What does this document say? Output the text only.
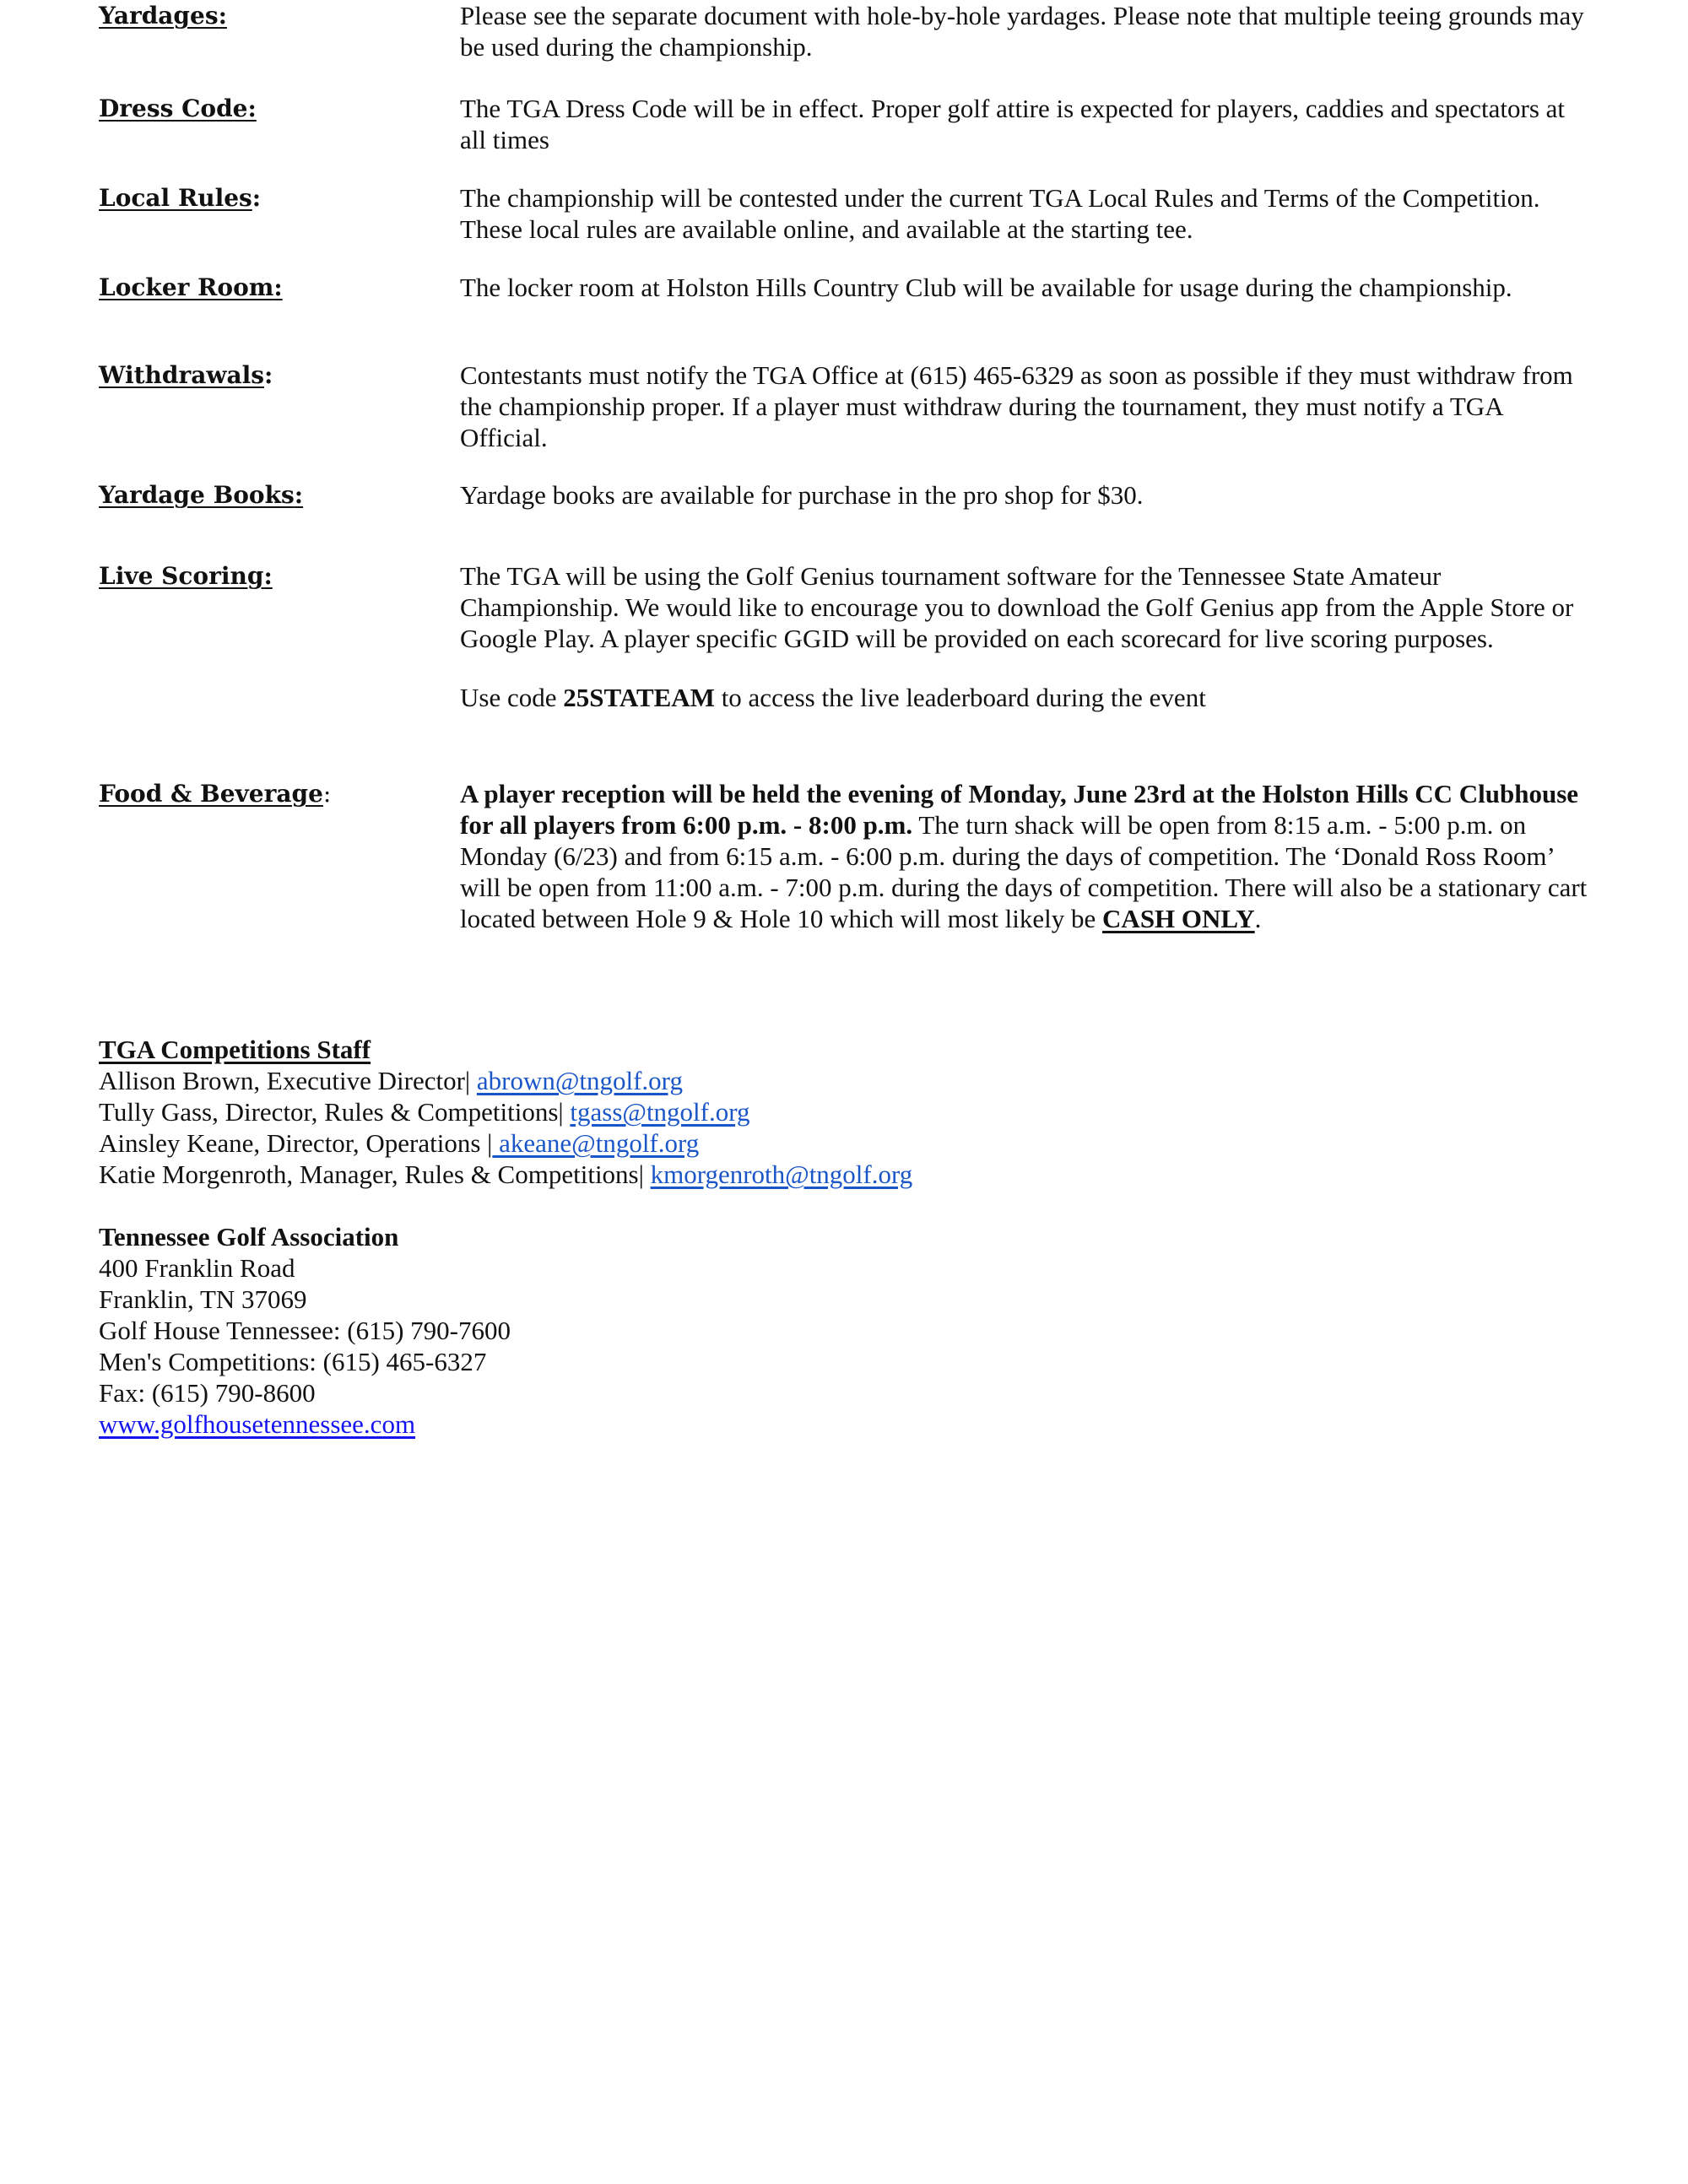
Yardages:	Please see the separate document with hole-by-hole yardages. Please note that multiple teeing grounds may be used during the championship.

Dress Code:	The TGA Dress Code will be in effect. Proper golf attire is expected for players, caddies and spectators at all times

Local Rules:	The championship will be contested under the current TGA Local Rules and Terms of the Competition. These local rules are available online, and available at the starting tee.

Locker Room:	The locker room at Holston Hills Country Club will be available for usage during the championship.

Withdrawals:	Contestants must notify the TGA Office at (615) 465-6329 as soon as possible if they must withdraw from the championship proper. If a player must withdraw during the tournament, they must notify a TGA Official.

Yardage Books:	Yardage books are available for purchase in the pro shop for $30.

Live Scoring:	The TGA will be using the Golf Genius tournament software for the Tennessee State Amateur Championship. We would like to encourage you to download the Golf Genius app from the Apple Store or Google Play. A player specific GGID will be provided on each scorecard for live scoring purposes.

Use code 25STATEAM to access the live leaderboard during the event

Food & Beverage:	A player reception will be held the evening of Monday, June 23rd at the Holston Hills CC Clubhouse for all players from 6:00 p.m. - 8:00 p.m. The turn shack will be open from 8:15 a.m. - 5:00 p.m. on Monday (6/23) and from 6:15 a.m. - 6:00 p.m. during the days of competition. The ‘Donald Ross Room’ will be open from 11:00 a.m. - 7:00 p.m. during the days of competition. There will also be a stationary cart located between Hole 9 & Hole 10 which will most likely be CASH ONLY.

TGA Competitions Staff
Allison Brown, Executive Director| abrown@tngolf.org
Tully Gass, Director, Rules & Competitions| tgass@tngolf.org
Ainsley Keane, Director, Operations | akeane@tngolf.org
Katie Morgenroth, Manager, Rules & Competitions| kmorgenroth@tngolf.org
Tennessee Golf Association
400 Franklin Road
Franklin, TN 37069
Golf House Tennessee: (615) 790-7600
Men's Competitions: (615) 465-6327
Fax: (615) 790-8600
www.golfhousetennessee.com
